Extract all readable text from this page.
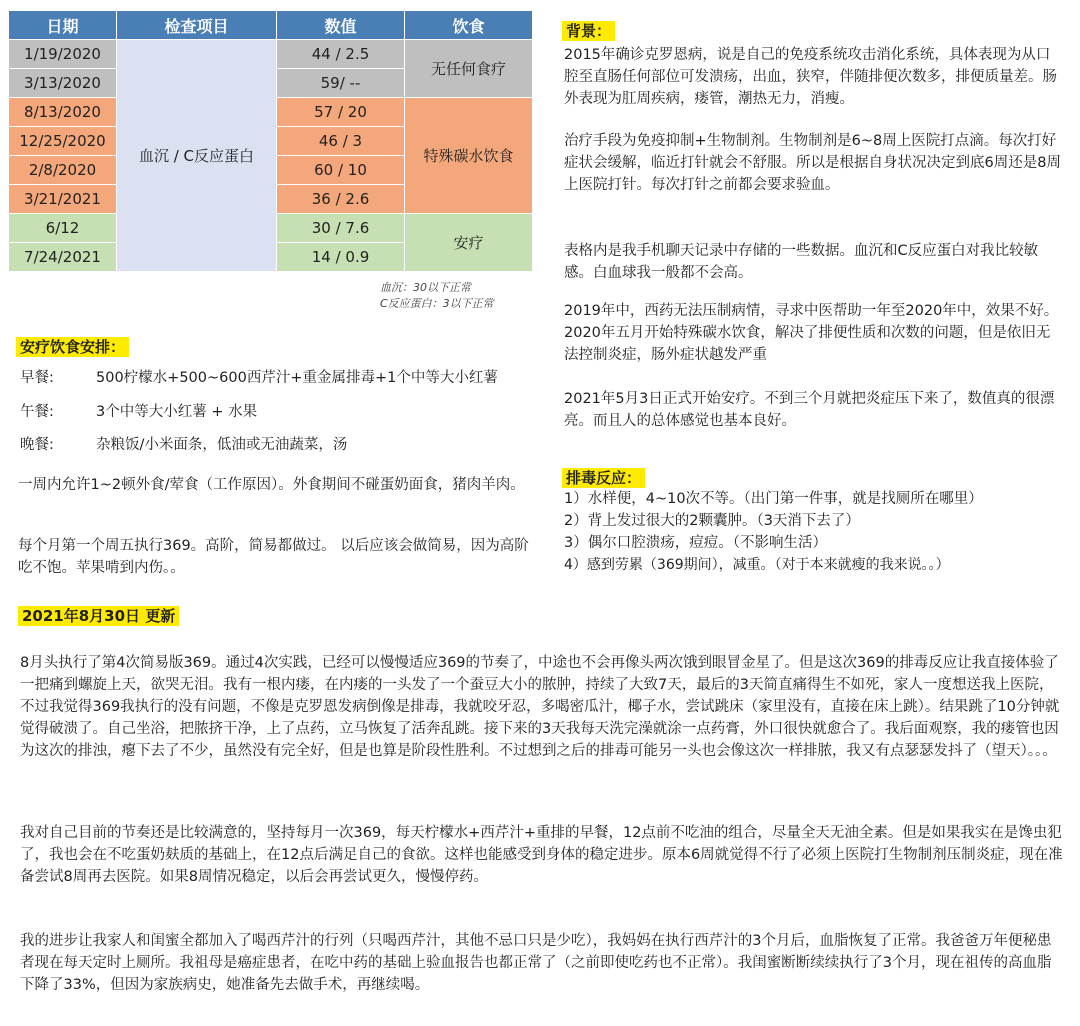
日期	检查项目	数值	饮食
1/19/2020	血沉 / C反应蛋白	44 / 2.5	无任何食疗
3/13/2020		59/ --	
8/13/2020		57 / 20	特殊碳水饮食
12/25/2020		46 / 3	
2/8/2020		60 / 10	
3/21/2021		36 / 2.6	
6/12		30 / 7.6	安疗
7/24/2021		14 / 0.9	
血沉：30以下正常
C反应蛋白：3以下正常
安疗饮食安排：
早餐:	500柠檬水+500~600西芹汁+重金属排毒+1个中等大小红薯
午餐:	3个中等大小红薯 + 水果
晚餐:	杂粮饭/小米面条，低油或无油蔬菜，汤
一周内允许1~2顿外食/荤食（工作原因）。外食期间不碰蛋奶面食，猪肉羊肉。
每个月第一个周五执行369。高阶，简易都做过。 以后应该会做简易，因为高阶吃不饱。苹果啃到内伤。。
背景：
2015年确诊克罗恩病，说是自己的免疫系统攻击消化系统，具体表现为从口腔至直肠任何部位可发溃疡，出血，狭窄，伴随排便次数多，排便质量差。肠外表现为肛周疾病，瘘管，潮热无力，消瘦。
治疗手段为免疫抑制+生物制剂。生物制剂是6~8周上医院打点滴。每次打好症状会缓解，临近打针就会不舒服。所以是根据自身状况决定到底6周还是8周上医院打针。每次打针之前都会要求验血。
表格内是我手机聊天记录中存储的一些数据。血沉和C反应蛋白对我比较敏感。白血球我一般都不会高。
2019年中，西药无法压制病情，寻求中医帮助一年至2020年中，效果不好。2020年五月开始特殊碳水饮食，解决了排便性质和次数的问题，但是依旧无法控制炎症，肠外症状越发严重
2021年5月3日正式开始安疗。不到三个月就把炎症压下来了，数值真的很漂亮。而且人的总体感觉也基本良好。
排毒反应：
1）水样便，4~10次不等。（出门第一件事，就是找厕所在哪里）
2）背上发过很大的2颗囊肿。（3天消下去了）
3）偶尔口腔溃疡，痘痘。（不影响生活）
4）感到劳累（369期间），减重。（对于本来就瘦的我来说。。）
2021年8月30日 更新
8月头执行了第4次简易版369。通过4次实践，已经可以慢慢适应369的节奏了，中途也不会再像头两次饿到眼冒金星了。但是这次369的排毒反应让我直接体验了一把痛到螺旋上天，欲哭无泪。我有一根内瘘，在内瘘的一头发了一个蚕豆大小的脓肿，持续了大致7天，最后的3天简直痛得生不如死，家人一度想送我上医院，不过我觉得369我执行的没有问题，不像是克罗恩发病倒像是排毒，我就咬牙忍，多喝密瓜汁，椰子水，尝试跳床（家里没有，直接在床上跳）。结果跳了10分钟就觉得破溃了。自己坐浴，把脓挤干净，上了点药，立马恢复了活奔乱跳。接下来的3天我每天洗完澡就涂一点药膏，外口很快就愈合了。我后面观察，我的瘘管也因为这次的排浊，瘪下去了不少，虽然没有完全好，但是也算是阶段性胜利。不过想到之后的排毒可能另一头也会像这次一样排脓，我又有点瑟瑟发抖了（望天）。。。
我对自己目前的节奏还是比较满意的，坚持每月一次369，每天柠檬水+西芹汁+重排的早餐，12点前不吃油的组合，尽量全天无油全素。但是如果我实在是馋虫犯了，我也会在不吃蛋奶麸质的基础上，在12点后满足自己的食欲。这样也能感受到身体的稳定进步。原本6周就觉得不行了必须上医院打生物制剂压制炎症，现在准备尝试8周再去医院。如果8周情况稳定，以后会再尝试更久，慢慢停药。
我的进步让我家人和闺蜜全都加入了喝西芹汁的行列（只喝西芹汁，其他不忌口只是少吃），我妈妈在执行西芹汁的3个月后，血脂恢复了正常。我爸爸万年便秘患者现在每天定时上厕所。我祖母是癌症患者，在吃中药的基础上验血报告也都正常了（之前即使吃药也不正常）。我闺蜜断断续续执行了3个月，现在祖传的高血脂下降了33%，但因为家族病史，她准备先去做手术，再继续喝。
